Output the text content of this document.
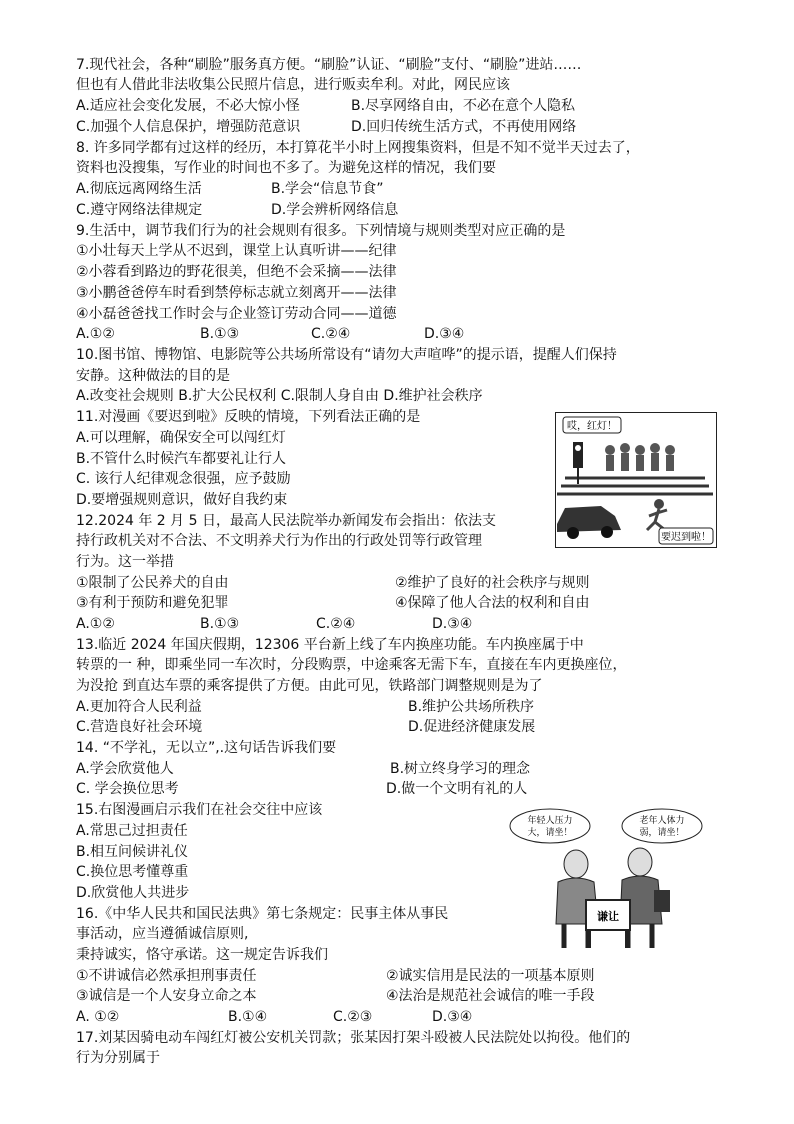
7.现代社会，各种“刷脸”服务真方便。“刷脸”认证、“刷脸”支付、“刷脸”进站……
但也有人借此非法收集公民照片信息，进行贩卖牟利。对此，网民应该
A.适应社会变化发展，不必大惊小怪	B.尽享网络自由，不必在意个人隐私
C.加强个人信息保护，增强防范意识	D.回归传统生活方式，不再使用网络
8. 许多同学都有过这样的经历，本打算花半小时上网搜集资料，但是不知不觉半天过去了，
资料也没搜集，写作业的时间也不多了。为避免这样的情况，我们要
A.彻底远离网络生活	B.学会“信息节食”
C.遵守网络法律规定	D.学会辨析网络信息
9.生活中，调节我们行为的社会规则有很多。下列情境与规则类型对应正确的是
①小壮每天上学从不迟到，课堂上认真听讲——纪律
②小蓉看到路边的野花很美，但绝不会采摘——法律
③小鹏爸爸停车时看到禁停标志就立刻离开——法律
④小磊爸爸找工作时会与企业签订劳动合同——道德
A.①②	B.①③	C.②④	D.③④
10.图书馆、博物馆、电影院等公共场所常设有“请勿大声喧哗”的提示语，提醒人们保持
安静。这种做法的目的是
A.改变社会规则 B.扩大公民权利 C.限制人身自由 D.维护社会秩序
11.对漫画《要迟到啦》反映的情境，下列看法正确的是
A.可以理解，确保安全可以闯红灯
B.不管什么时候汽车都要礼让行人
C. 该行人纪律观念很强，应予鼓励
D.要增强规则意识，做好自我约束
哎，红灯！
要迟到啦！
12.2024 年 2 月 5 日，最高人民法院举办新闻发布会指出：依法支
持行政机关对不合法、不文明养犬行为作出的行政处罚等行政管理
行为。这一举措
①限制了公民养犬的自由	②维护了良好的社会秩序与规则
③有利于预防和避免犯罪	④保障了他人合法的权利和自由
A.①②	B.①③	C.②④	D.③④
13.临近 2024 年国庆假期，12306 平台新上线了车内换座功能。车内换座属于中
转票的一 种，即乘坐同一车次时，分段购票，中途乘客无需下车，直接在车内更换座位，
为没抢 到直达车票的乘客提供了方便。由此可见，铁路部门调整规则是为了
A.更加符合人民利益	B.维护公共场所秩序
C.营造良好社会环境	D.促进经济健康发展
14. “不学礼，无以立”,.这句话告诉我们要
A.学会欣赏他人	B.树立终身学习的理念
C. 学会换位思考	D.做一个文明有礼的人
15.右图漫画启示我们在社会交往中应该
A.常思己过担责任
B.相互问候讲礼仪
C.换位思考懂尊重
D.欣赏他人共进步
年轻人压力
大，请坐！
老年人体力
弱，请坐！
谦让
16.《中华人民共和国民法典》第七条规定：民事主体从事民
事活动，应当遵循诚信原则,
秉持诚实，恪守承诺。这一规定告诉我们
①不讲诚信必然承担刑事责任	②诚实信用是民法的一项基本原则
③诚信是一个人安身立命之本	④法治是规范社会诚信的唯一手段
A. ①②	B.①④	C.②③	D.③④
17.刘某因骑电动车闯红灯被公安机关罚款；张某因打架斗殴被人民法院处以拘役。他们的
行为分别属于
